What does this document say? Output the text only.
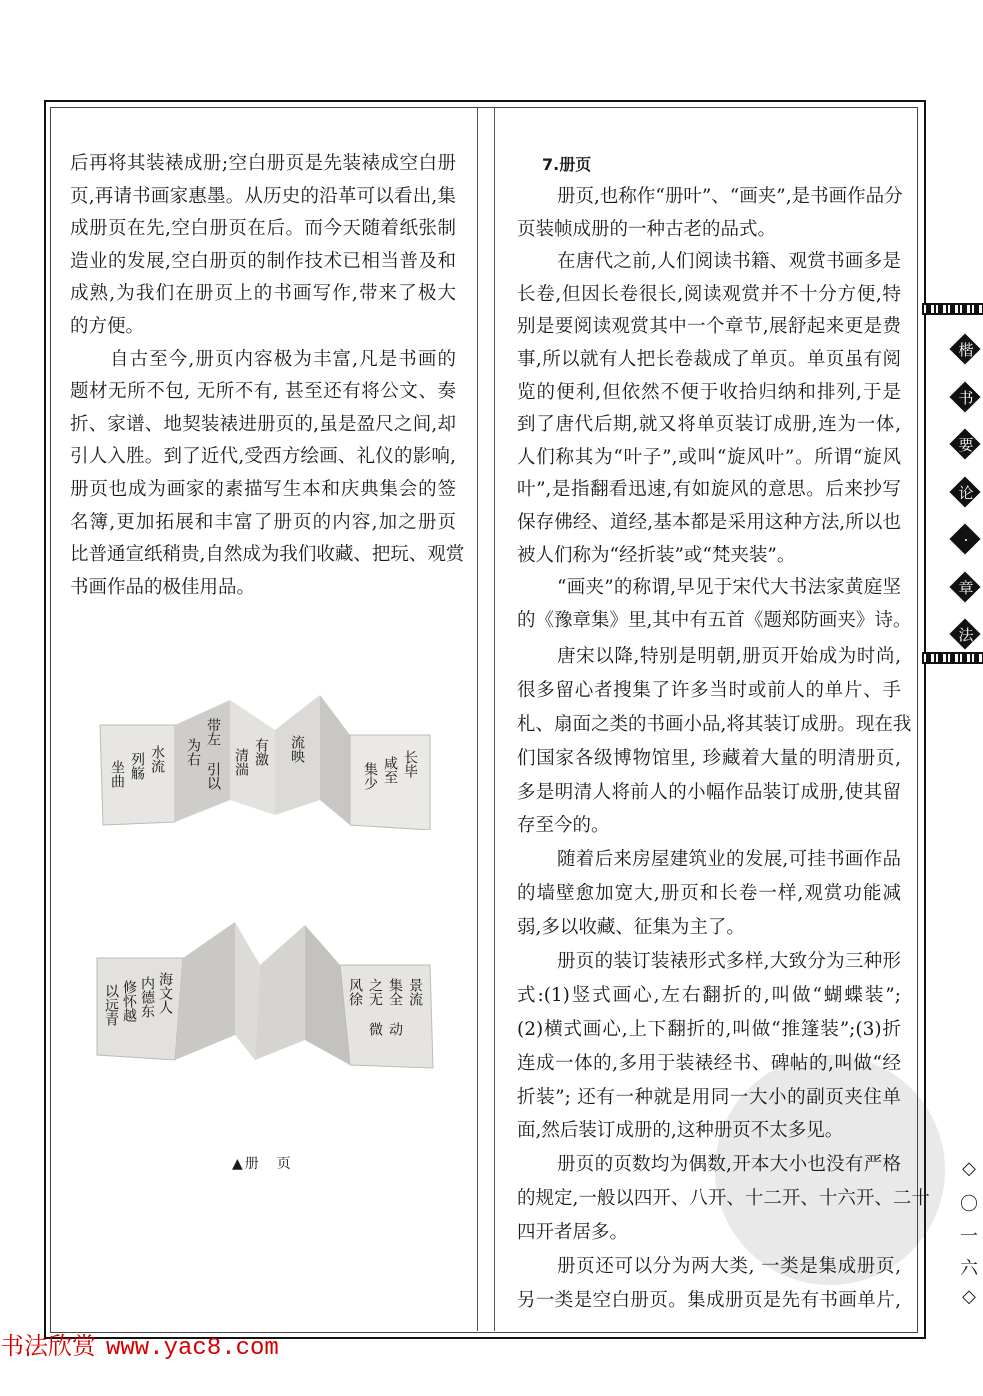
后再将其装裱成册;空白册页是先装裱成空白册
页,再请书画家惠墨。从历史的沿革可以看出,集
成册页在先,空白册页在后。而今天随着纸张制
造业的发展,空白册页的制作技术已相当普及和
成熟,为我们在册页上的书画写作,带来了极大
的方便。
自古至今,册页内容极为丰富,凡是书画的
题材无所不包, 无所不有, 甚至还有将公文、奏
折、家谱、地契装裱进册页的,虽是盈尺之间,却
引人入胜。到了近代,受西方绘画、礼仪的影响,
册页也成为画家的素描写生本和庆典集会的签
名簿,更加拓展和丰富了册页的内容,加之册页
比普通宣纸稍贵,自然成为我们收藏、把玩、观赏
书画作品的极佳用品。
水流
列觞
坐曲
带左
引以
为右	有激
清湍	流映
长毕
咸至
集少
海文人
内德东
修怀越
以远青	景流
集全
之无
风徐
动
微
▲册　页
7.册页
册页,也称作“册叶”、“画夹”,是书画作品分
页装帧成册的一种古老的品式。
在唐代之前,人们阅读书籍、观赏书画多是
长卷,但因长卷很长,阅读观赏并不十分方便,特
别是要阅读观赏其中一个章节,展舒起来更是费
事,所以就有人把长卷裁成了单页。单页虽有阅
览的便利,但依然不便于收拾归纳和排列,于是
到了唐代后期,就又将单页装订成册,连为一体,
人们称其为“叶子”,或叫“旋风叶”。所谓“旋风
叶”,是指翻看迅速,有如旋风的意思。后来抄写
保存佛经、道经,基本都是采用这种方法,所以也
被人们称为“经折装”或“梵夹装”。
“画夹”的称谓,早见于宋代大书法家黄庭坚
的《豫章集》里,其中有五首《题郑防画夹》诗。
唐宋以降,特别是明朝,册页开始成为时尚,
很多留心者搜集了许多当时或前人的单片、手
札、扇面之类的书画小品,将其装订成册。现在我
们国家各级博物馆里, 珍藏着大量的明清册页,
多是明清人将前人的小幅作品装订成册,使其留
存至今的。
随着后来房屋建筑业的发展,可挂书画作品
的墙壁愈加宽大,册页和长卷一样,观赏功能减
弱,多以收藏、征集为主了。
册页的装订装裱形式多样,大致分为三种形
式:(1)竖式画心,左右翻折的,叫做“蝴蝶装”;
(2)横式画心,上下翻折的,叫做“推篷装”;(3)折
连成一体的,多用于装裱经书、碑帖的,叫做“经
折装”; 还有一种就是用同一大小的副页夹住单
面,然后装订成册的,这种册页不太多见。
册页的页数均为偶数,开本大小也没有严格
的规定,一般以四开、八开、十二开、十六开、二十
四开者居多。
册页还可以分为两大类, 一类是集成册页,
另一类是空白册页。集成册页是先有书画单片,
楷
书
要
论
·
章
法
◇
〇
一
六
◇
书法欣赏 www.yac8.com
